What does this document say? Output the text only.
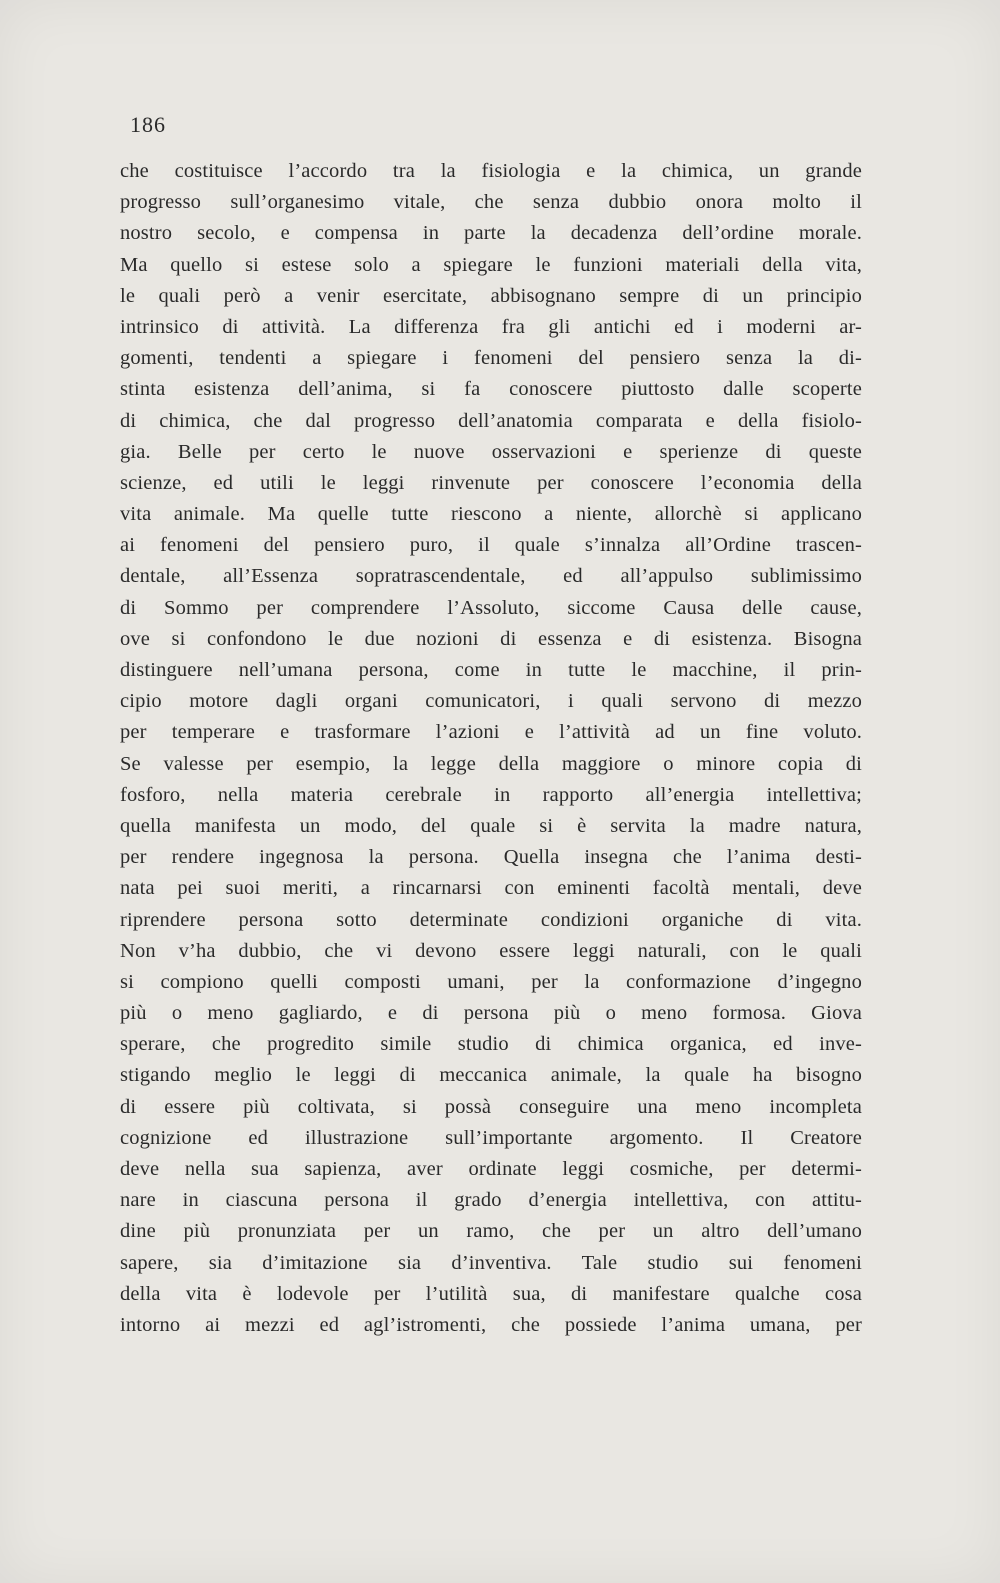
186
che costituisce l’accordo tra la fisiologia e la chimica, un grande
progresso sull’organesimo vitale, che senza dubbio onora molto il
nostro secolo, e compensa in parte la decadenza dell’ordine morale.
Ma quello si estese solo a spiegare le funzioni materiali della vita,
le quali però a venir esercitate, abbisognano sempre di un principio
intrinsico di attività. La differenza fra gli antichi ed i moderni ar-
gomenti, tendenti a spiegare i fenomeni del pensiero senza la di-
stinta esistenza dell’anima, si fa conoscere piuttosto dalle scoperte
di chimica, che dal progresso dell’anatomia comparata e della fisiolo-
gia. Belle per certo le nuove osservazioni e sperienze di queste
scienze, ed utili le leggi rinvenute per conoscere l’economia della
vita animale. Ma quelle tutte riescono a niente, allorchè si applicano
ai fenomeni del pensiero puro, il quale s’innalza all’Ordine trascen-
dentale, all’Essenza sopratrascendentale, ed all’appulso sublimissimo
di Sommo per comprendere l’Assoluto, siccome Causa delle cause,
ove si confondono le due nozioni di essenza e di esistenza. Bisogna
distinguere nell’umana persona, come in tutte le macchine, il prin-
cipio motore dagli organi comunicatori, i quali servono di mezzo
per temperare e trasformare l’azioni e l’attività ad un fine voluto.
Se valesse per esempio, la legge della maggiore o minore copia di
fosforo, nella materia cerebrale in rapporto all’energia intellettiva;
quella manifesta un modo, del quale si è servita la madre natura,
per rendere ingegnosa la persona. Quella insegna che l’anima desti-
nata pei suoi meriti, a rincarnarsi con eminenti facoltà mentali, deve
riprendere persona sotto determinate condizioni organiche di vita.
Non v’ha dubbio, che vi devono essere leggi naturali, con le quali
si compiono quelli composti umani, per la conformazione d’ingegno
più o meno gagliardo, e di persona più o meno formosa. Giova
sperare, che progredito simile studio di chimica organica, ed inve-
stigando meglio le leggi di meccanica animale, la quale ha bisogno
di essere più coltivata, si possà conseguire una meno incompleta
cognizione ed illustrazione sull’importante argomento. Il Creatore
deve nella sua sapienza, aver ordinate leggi cosmiche, per determi-
nare in ciascuna persona il grado d’energia intellettiva, con attitu-
dine più pronunziata per un ramo, che per un altro dell’umano
sapere, sia d’imitazione sia d’inventiva. Tale studio sui fenomeni
della vita è lodevole per l’utilità sua, di manifestare qualche cosa
intorno ai mezzi ed agl’istromenti, che possiede l’anima umana, per
